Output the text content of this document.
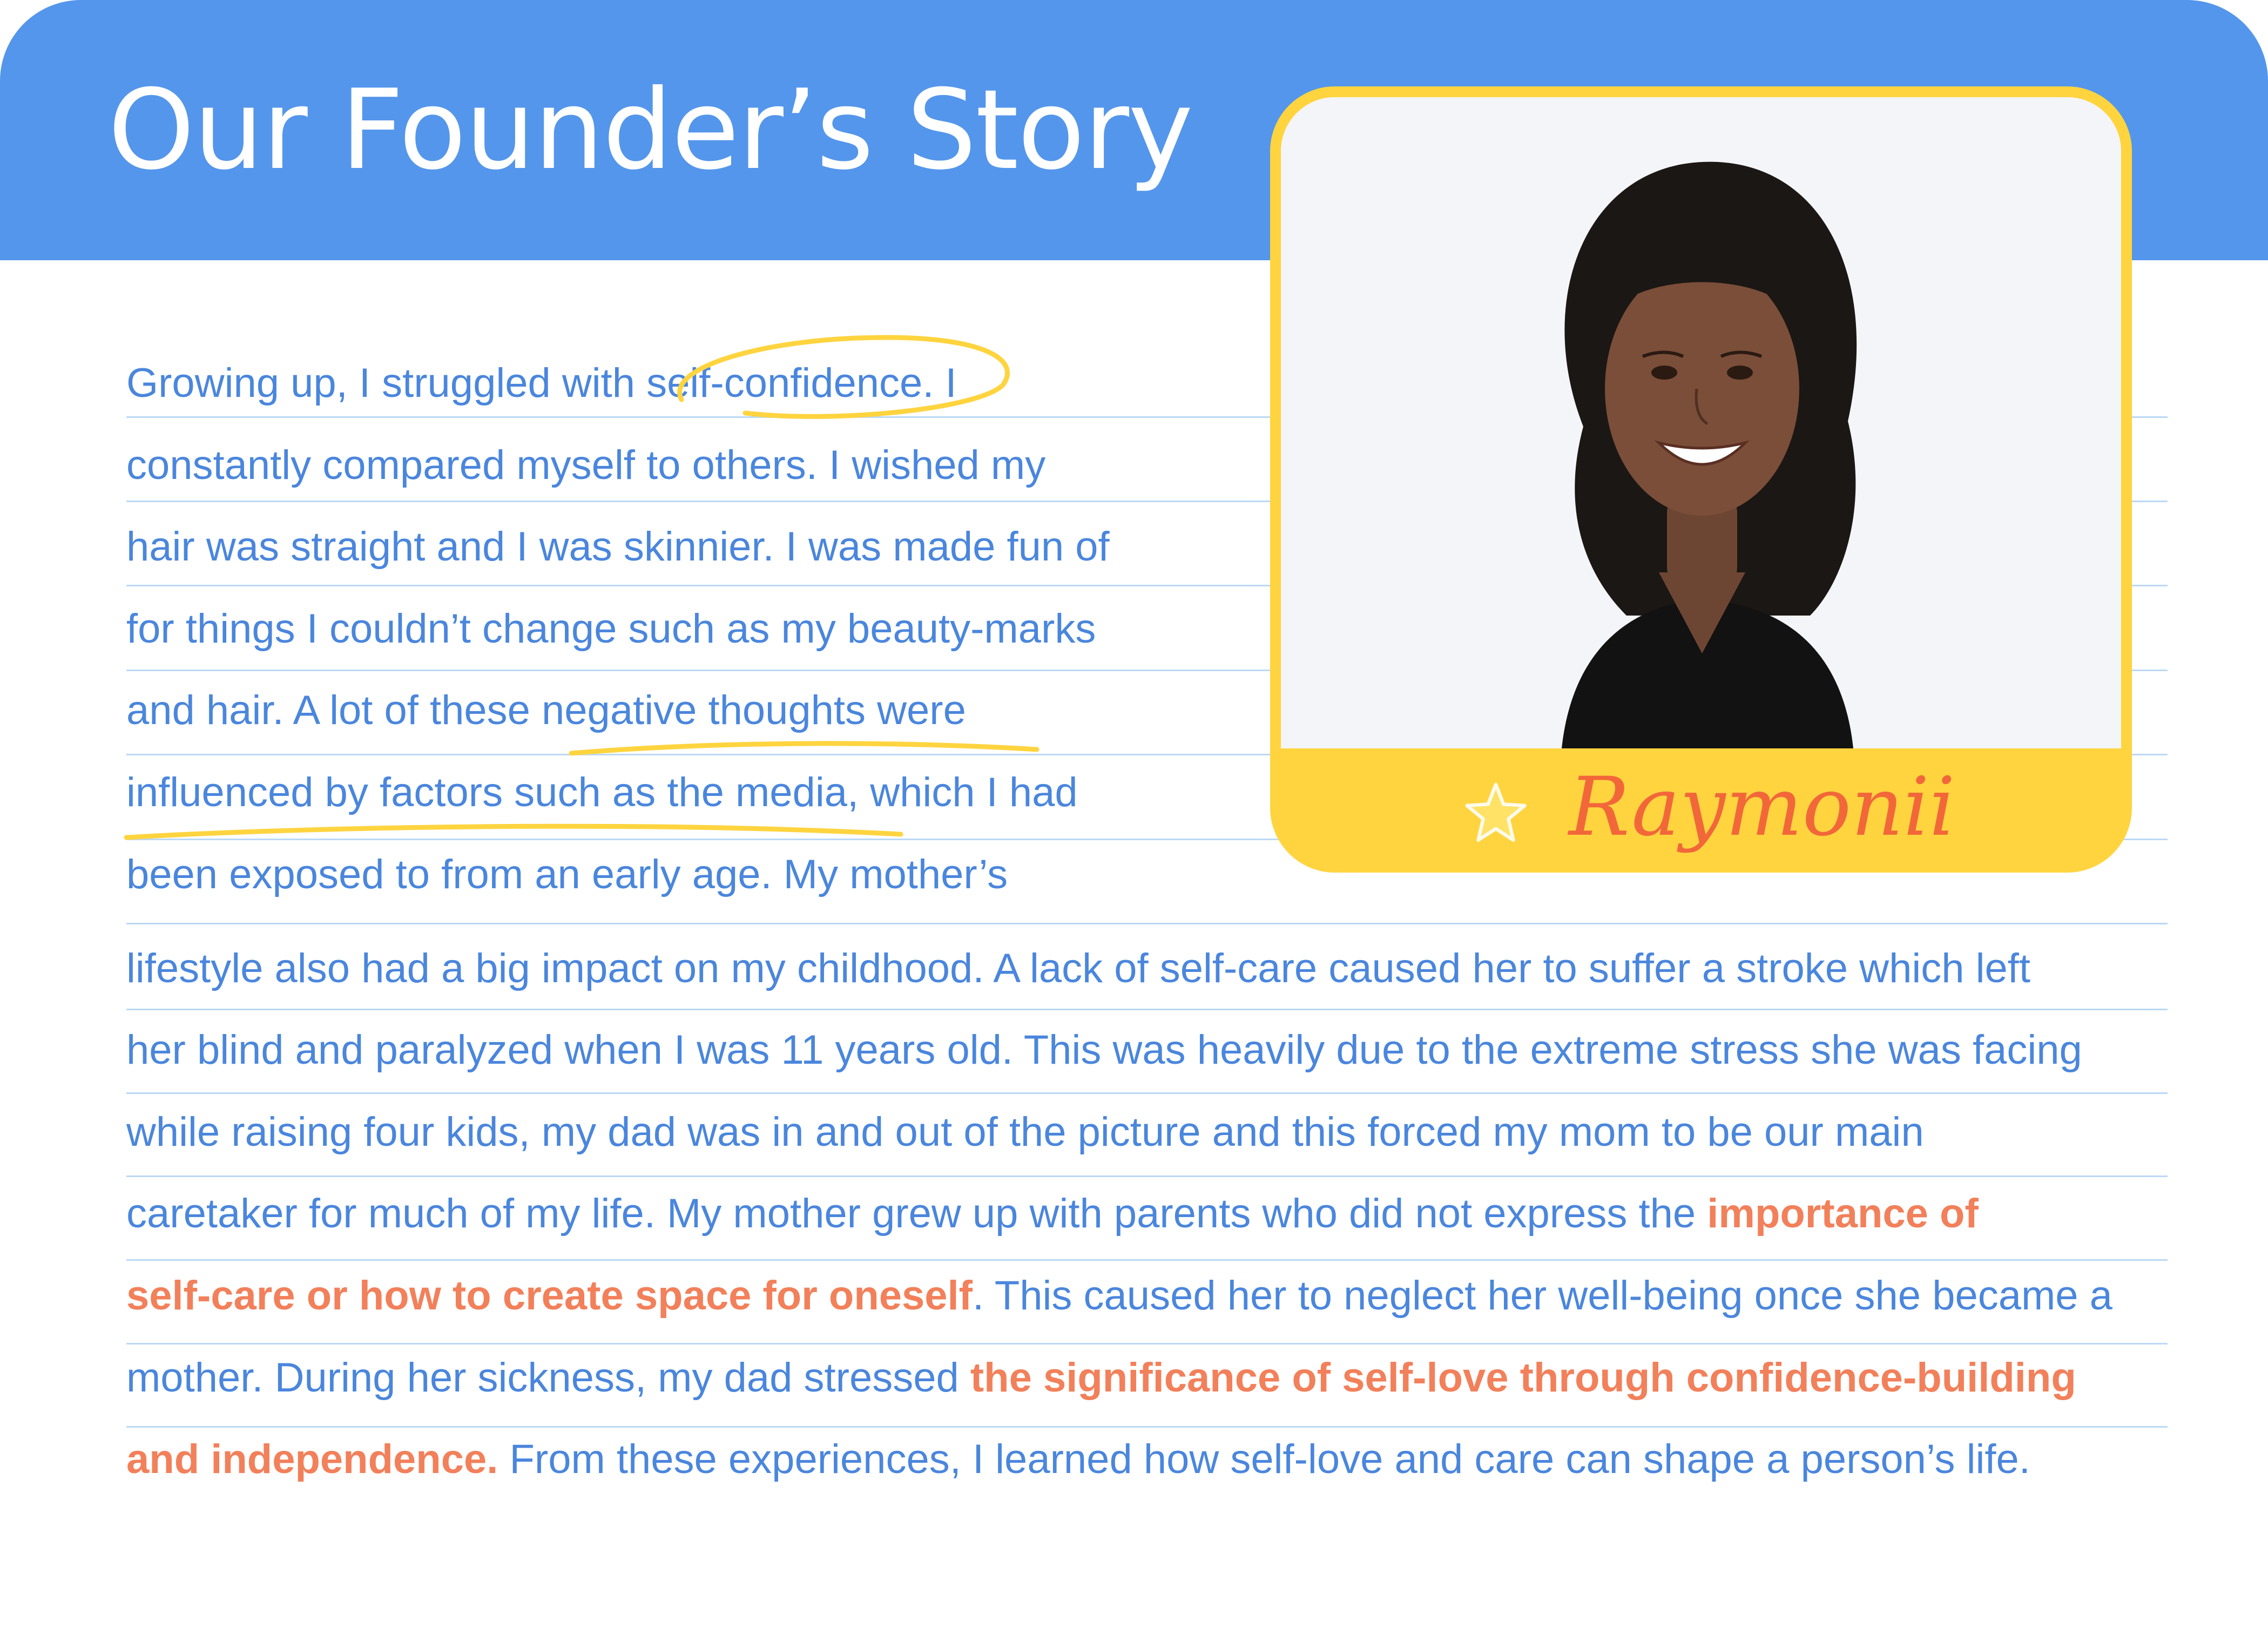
Our Founder’s Story

Growing up, I struggled with self-confidence. I

constantly compared myself to others. I wished my

hair was straight and I was skinnier. I was made fun of

for things I couldn’t change such as my beauty-marks

and hair. A lot of these negative thoughts were

influenced by factors such as the media, which I had

been exposed to from an early age. My mother’s

lifestyle also had a big impact on my childhood. A lack of self-care caused her to suffer a stroke which left

her blind and paralyzed when I was 11 years old. This was heavily due to the extreme stress she was facing

while raising four kids, my dad was in and out of the picture and this forced my mom to be our main

caretaker for much of my life. My mother grew up with parents who did not express the importance of

self-care or how to create space for oneself. This caused her to neglect her well-being once she became a

mother. During her sickness, my dad stressed the significance of self-love through confidence-building

and independence. From these experiences, I learned how self-love and care can shape a person’s life.

Raymonii
